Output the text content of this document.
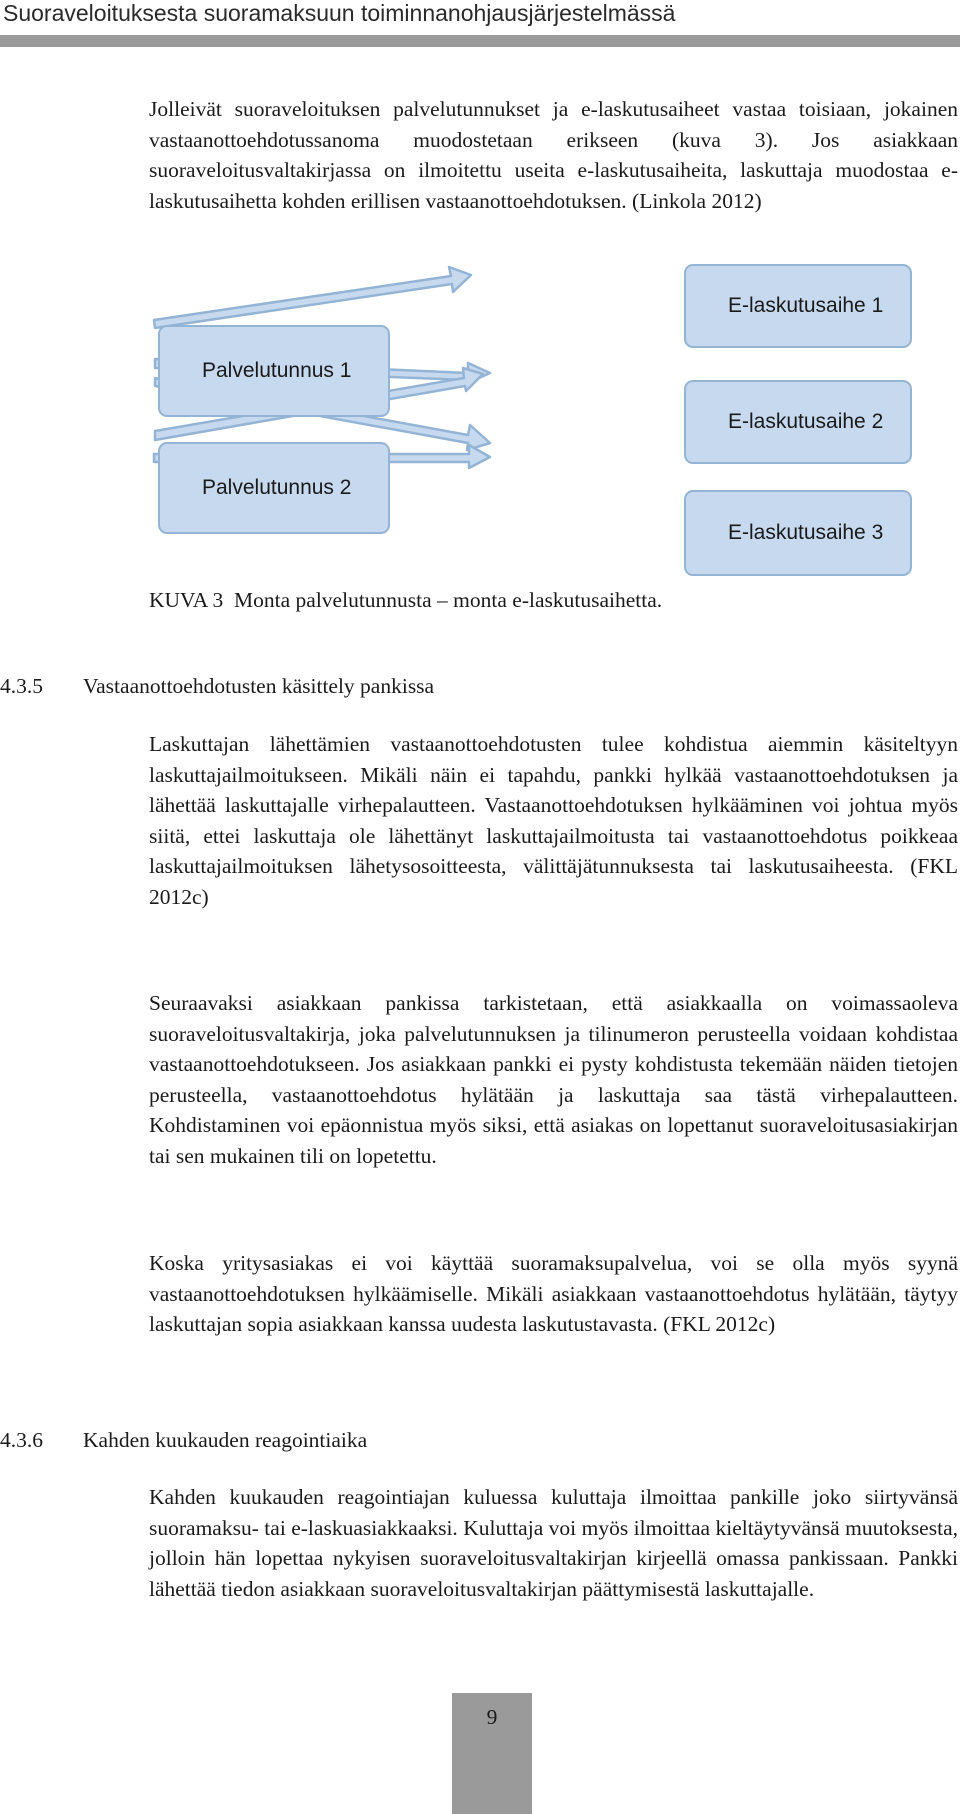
Suoraveloituksesta suoramaksuun toiminnanohjausjärjestelmässä

Jolleivät suoraveloituksen palvelutunnukset ja e-laskutusaiheet vastaa toisiaan, jokainen vastaanottoehdotussanoma muodostetaan erikseen (kuva 3). Jos asiakkaan suoraveloitusvaltakirjassa on ilmoitettu useita e-laskutusaiheita, laskuttaja muodostaa e-laskutusaihetta kohden erillisen vastaanottoehdotuksen. (Linkola 2012)

Palvelutunnus 1
Palvelutunnus 2
E-laskutusaihe 1
E-laskutusaihe 2
E-laskutusaihe 3
KUVA 3  Monta palvelutunnusta – monta e-laskutusaihetta.
4.3.5 Vastaanottoehdotusten käsittely pankissa

Laskuttajan lähettämien vastaanottoehdotusten tulee kohdistua aiemmin käsiteltyyn laskuttajailmoitukseen. Mikäli näin ei tapahdu, pankki hylkää vastaanottoehdotuksen ja lähettää laskuttajalle virhepalautteen. Vastaanottoehdotuksen hylkääminen voi johtua myös siitä, ettei laskuttaja ole lähettänyt laskuttajailmoitusta tai vastaanottoehdotus poikkeaa laskuttajailmoituksen lähetysosoitteesta, välittäjätunnuksesta tai laskutusaiheesta. (FKL 2012c)

Seuraavaksi asiakkaan pankissa tarkistetaan, että asiakkaalla on voimassaoleva suoraveloitusvaltakirja, joka palvelutunnuksen ja tilinumeron perusteella voidaan kohdistaa vastaanottoehdotukseen. Jos asiakkaan pankki ei pysty kohdistusta tekemään näiden tietojen perusteella, vastaanottoehdotus hylätään ja laskuttaja saa tästä virhepalautteen. Kohdistaminen voi epäonnistua myös siksi, että asiakas on lopettanut suoraveloitusasiakirjan tai sen mukainen tili on lopetettu.

Koska yritysasiakas ei voi käyttää suoramaksupalvelua, voi se olla myös syynä vastaanottoehdotuksen hylkäämiselle. Mikäli asiakkaan vastaanottoehdotus hylätään, täytyy laskuttajan sopia asiakkaan kanssa uudesta laskutustavasta. (FKL 2012c)

4.3.6 Kahden kuukauden reagointiaika

Kahden kuukauden reagointiajan kuluessa kuluttaja ilmoittaa pankille joko siirtyvänsä suoramaksu- tai e-laskuasiakkaaksi. Kuluttaja voi myös ilmoittaa kieltäytyvänsä muutoksesta, jolloin hän lopettaa nykyisen suoraveloitusvaltakirjan kirjeellä omassa pankissaan. Pankki lähettää tiedon asiakkaan suoraveloitusvaltakirjan päättymisestä laskuttajalle.

9
